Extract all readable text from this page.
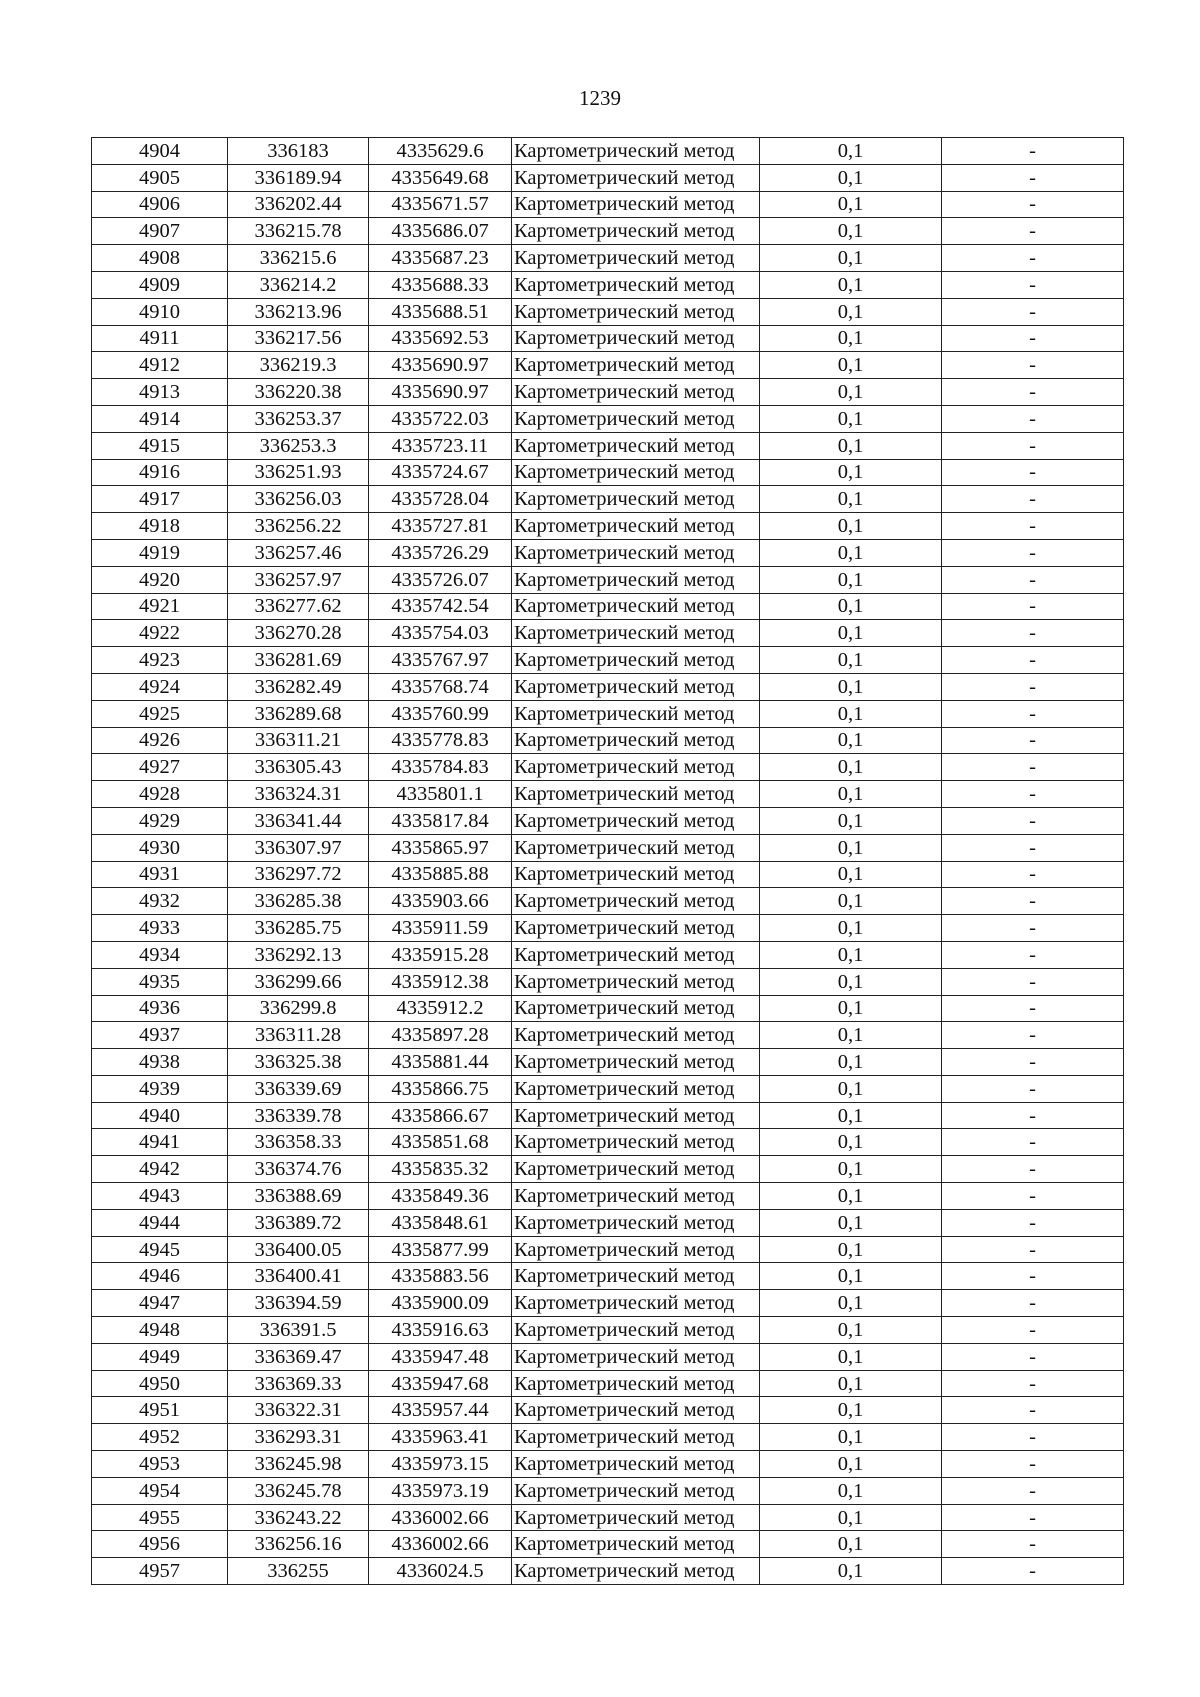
1239
4904	336183	4335629.6	Картометрический метод	0,1	-
4905	336189.94	4335649.68	Картометрический метод	0,1	-
4906	336202.44	4335671.57	Картометрический метод	0,1	-
4907	336215.78	4335686.07	Картометрический метод	0,1	-
4908	336215.6	4335687.23	Картометрический метод	0,1	-
4909	336214.2	4335688.33	Картометрический метод	0,1	-
4910	336213.96	4335688.51	Картометрический метод	0,1	-
4911	336217.56	4335692.53	Картометрический метод	0,1	-
4912	336219.3	4335690.97	Картометрический метод	0,1	-
4913	336220.38	4335690.97	Картометрический метод	0,1	-
4914	336253.37	4335722.03	Картометрический метод	0,1	-
4915	336253.3	4335723.11	Картометрический метод	0,1	-
4916	336251.93	4335724.67	Картометрический метод	0,1	-
4917	336256.03	4335728.04	Картометрический метод	0,1	-
4918	336256.22	4335727.81	Картометрический метод	0,1	-
4919	336257.46	4335726.29	Картометрический метод	0,1	-
4920	336257.97	4335726.07	Картометрический метод	0,1	-
4921	336277.62	4335742.54	Картометрический метод	0,1	-
4922	336270.28	4335754.03	Картометрический метод	0,1	-
4923	336281.69	4335767.97	Картометрический метод	0,1	-
4924	336282.49	4335768.74	Картометрический метод	0,1	-
4925	336289.68	4335760.99	Картометрический метод	0,1	-
4926	336311.21	4335778.83	Картометрический метод	0,1	-
4927	336305.43	4335784.83	Картометрический метод	0,1	-
4928	336324.31	4335801.1	Картометрический метод	0,1	-
4929	336341.44	4335817.84	Картометрический метод	0,1	-
4930	336307.97	4335865.97	Картометрический метод	0,1	-
4931	336297.72	4335885.88	Картометрический метод	0,1	-
4932	336285.38	4335903.66	Картометрический метод	0,1	-
4933	336285.75	4335911.59	Картометрический метод	0,1	-
4934	336292.13	4335915.28	Картометрический метод	0,1	-
4935	336299.66	4335912.38	Картометрический метод	0,1	-
4936	336299.8	4335912.2	Картометрический метод	0,1	-
4937	336311.28	4335897.28	Картометрический метод	0,1	-
4938	336325.38	4335881.44	Картометрический метод	0,1	-
4939	336339.69	4335866.75	Картометрический метод	0,1	-
4940	336339.78	4335866.67	Картометрический метод	0,1	-
4941	336358.33	4335851.68	Картометрический метод	0,1	-
4942	336374.76	4335835.32	Картометрический метод	0,1	-
4943	336388.69	4335849.36	Картометрический метод	0,1	-
4944	336389.72	4335848.61	Картометрический метод	0,1	-
4945	336400.05	4335877.99	Картометрический метод	0,1	-
4946	336400.41	4335883.56	Картометрический метод	0,1	-
4947	336394.59	4335900.09	Картометрический метод	0,1	-
4948	336391.5	4335916.63	Картометрический метод	0,1	-
4949	336369.47	4335947.48	Картометрический метод	0,1	-
4950	336369.33	4335947.68	Картометрический метод	0,1	-
4951	336322.31	4335957.44	Картометрический метод	0,1	-
4952	336293.31	4335963.41	Картометрический метод	0,1	-
4953	336245.98	4335973.15	Картометрический метод	0,1	-
4954	336245.78	4335973.19	Картометрический метод	0,1	-
4955	336243.22	4336002.66	Картометрический метод	0,1	-
4956	336256.16	4336002.66	Картометрический метод	0,1	-
4957	336255	4336024.5	Картометрический метод	0,1	-
